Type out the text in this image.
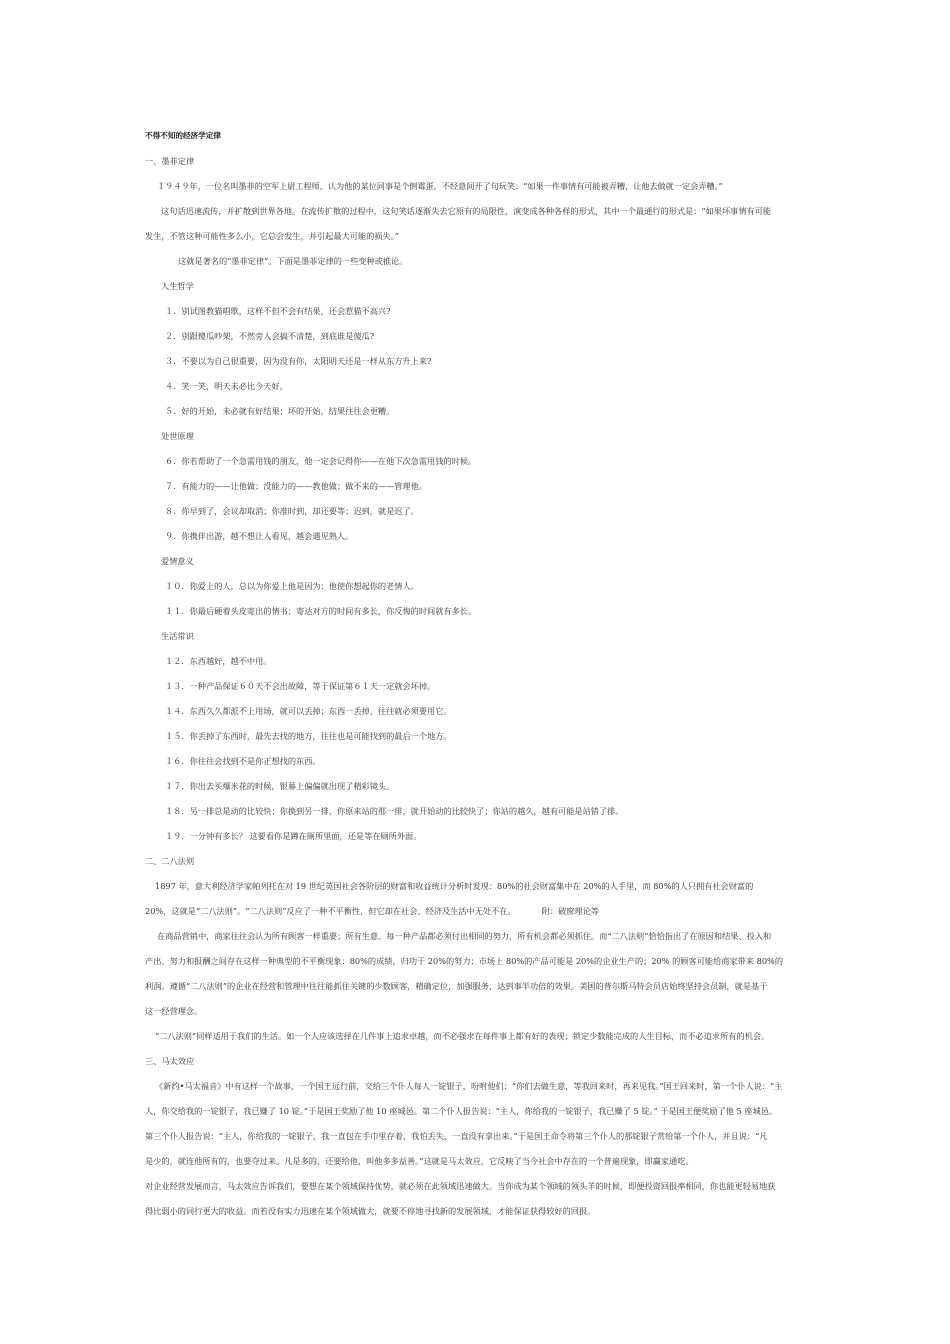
不得不知的经济学定律

一、墨菲定律

１９４９年，一位名叫墨菲的空军上尉工程师，认为他的某位同事是个倒霉蛋，不经意间开了句玩笑：“如果一件事情有可能被弄糟，让他去做就一定会弄糟。”

这句话迅速流传，并扩散到世界各地。在流传扩散的过程中，这句笑话逐渐失去它原有的局限性，演变成各种各样的形式，其中一个最通行的形式是：“如果坏事情有可能

发生，不管这种可能性多么小，它总会发生，并引起最大可能的损失。”

这就是著名的“墨菲定律”。下面是墨菲定律的一些变种或推论。

人生哲学

１．别试图教猫唱歌，这样不但不会有结果，还会惹猫不高兴?

２．别跟傻瓜吵架，不然旁人会搞不清楚，到底谁是傻瓜?

３．不要以为自己很重要，因为没有你，太阳明天还是一样从东方升上来?

４．笑一笑，明天未必比今天好。

５．好的开始，未必就有好结果；坏的开始，结果往往会更糟。

处世原理

６．你若帮助了一个急需用钱的朋友，他一定会记得你——在他下次急需用钱的时候。

７．有能力的——让他做；没能力的——教他做；做不来的——管理他。

８．你早到了，会议却取消；你准时到，却还要等；迟到，就是迟了。

９．你携伴出游，越不想让人看见，越会遇见熟人。

爱情意义

１０．你爱上的人，总以为你爱上他是因为：他使你想起你的老情人。

１１．你最后硬着头皮寄出的情书；寄达对方的时间有多长，你反悔的时间就有多长。

生活常识

１２．东西越好，越不中用。

１３．一种产品保证６０天不会出故障，等于保证第６１天一定就会坏掉。

１４．东西久久都派不上用场，就可以丢掉；东西一丢掉，往往就必须要用它。

１５．你丢掉了东西时，最先去找的地方，往往也是可能找到的最后一个地方。

１６．你往往会找到不是你正想找的东西。

１７．你出去买爆米花的时候，银幕上偏偏就出现了精彩镜头。

１８．另一排总是动的比较快；你换到另一排，你原来站的那一排，就开始动的比较快了；你站的越久，越有可能是站错了排。

１９．一分钟有多长？ 这要看你是蹲在厕所里面，还是等在厕所外面。

二、二八法则

1897 年，意大利经济学家帕列托在对 19 世纪英国社会各阶层的财富和收益统计分析时发现：80%的社会财富集中在 20%的人手里，而 80%的人只拥有社会财富的

20%，这就是“二八法则”。“二八法则”反应了一种不平衡性，但它却在社会、经济及生活中无处不在。	附：破窗理论等

在商品营销中，商家往往会认为所有顾客一样重要；所有生意、每一种产品都必须付出相同的努力，所有机会都必须抓住。而“二八法则”恰恰指出了在原因和结果、投入和

产出、努力和报酬之间存在这样一种典型的不平衡现象：80%的成绩，归功于 20%的努力；市场上 80%的产品可能是 20%的企业生产的；20% 的顾客可能给商家带来 80%的

利润。遵循“二八法则”的企业在经营和管理中往往能抓住关键的少数顾客，精确定位，加强服务，达到事半功倍的效果。美国的普尔斯马特会员店始终坚持会员制，就是基于

这一经营理念。

“二八法则”同样适用于我们的生活。如一个人应该选择在几件事上追求卓越，而不必强求在每件事上都有好的表现；锁定少数能完成的人生目标，而不必追求所有的机会。

三、马太效应

《新约•马太福音》中有这样一个故事，一个国王远行前，交给三个仆人每人一锭银子，吩咐他们：“你们去做生意，等我回来时，再来见我。”国王回来时，第一个仆人说：“主

人，你交给我的一锭银子，我已赚了 10 锭。”于是国王奖励了他 10 座城邑。第二个仆人报告说：“主人，你给我的一锭银子，我已赚了 5 锭。” 于是国王便奖励了他 5 座城邑。

第三个仆人报告说：“主人，你给我的一锭银子，我一直包在手巾里存着，我怕丢失，一直没有拿出来。”于是国王命令将第三个仆人的那锭银子赏给第一个仆人，并且说：“凡

是少的，就连他所有的，也要夺过来。凡是多的，还要给他，叫他多多益善。”这就是马太效应，它反映了当今社会中存在的一个普遍现象，即赢家通吃。

对企业经营发展而言，马太效应告诉我们，要想在某个领域保持优势，就必须在此领域迅速做大。当你成为某个领域的领头羊的时候，即便投资回报率相同，你也能更轻易地获

得比弱小的同行更大的收益。而若没有实力迅速在某个领域做大，就要不停地寻找新的发展领域，才能保证获得较好的回报。
